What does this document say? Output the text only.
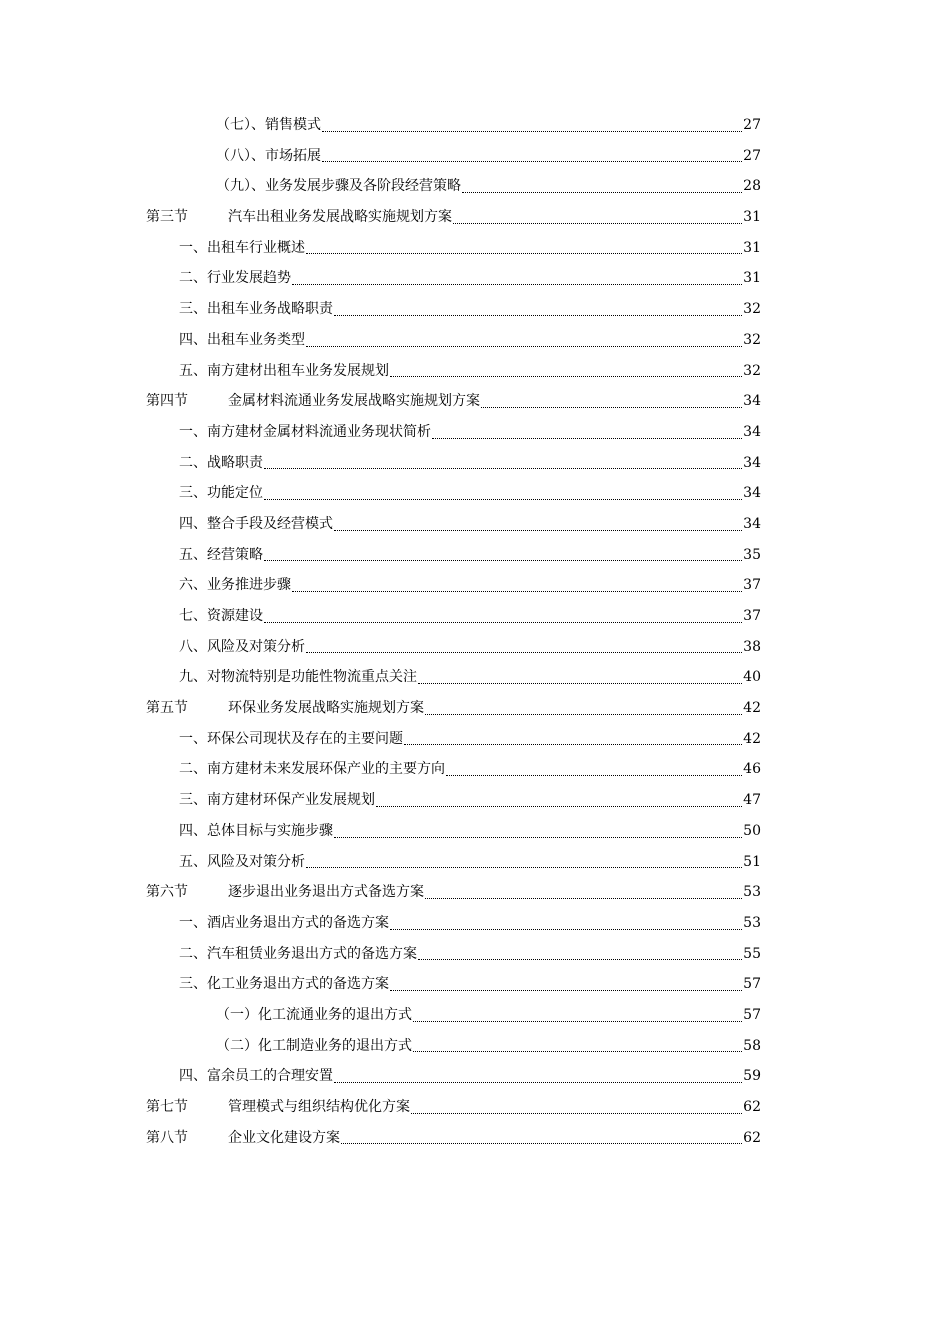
（七）、销售模式	27
（八）、市场拓展	27
（九）、业务发展步骤及各阶段经营策略	28
第三节	汽车出租业务发展战略实施规划方案	31
一、出租车行业概述	31
二、行业发展趋势	31
三、出租车业务战略职责	32
四、出租车业务类型	32
五、南方建材出租车业务发展规划	32
第四节	金属材料流通业务发展战略实施规划方案	34
一、南方建材金属材料流通业务现状简析	34
二、战略职责	34
三、功能定位	34
四、整合手段及经营模式	34
五、经营策略	35
六、业务推进步骤	37
七、资源建设	37
八、风险及对策分析	38
九、对物流特别是功能性物流重点关注	40
第五节	环保业务发展战略实施规划方案	42
一、环保公司现状及存在的主要问题	42
二、南方建材未来发展环保产业的主要方向	46
三、南方建材环保产业发展规划	47
四、总体目标与实施步骤	50
五、风险及对策分析	51
第六节	逐步退出业务退出方式备选方案	53
一、酒店业务退出方式的备选方案	53
二、汽车租赁业务退出方式的备选方案	55
三、化工业务退出方式的备选方案	57
（一）化工流通业务的退出方式	57
（二）化工制造业务的退出方式	58
四、富余员工的合理安置	59
第七节	管理模式与组织结构优化方案	62
第八节	企业文化建设方案	62
